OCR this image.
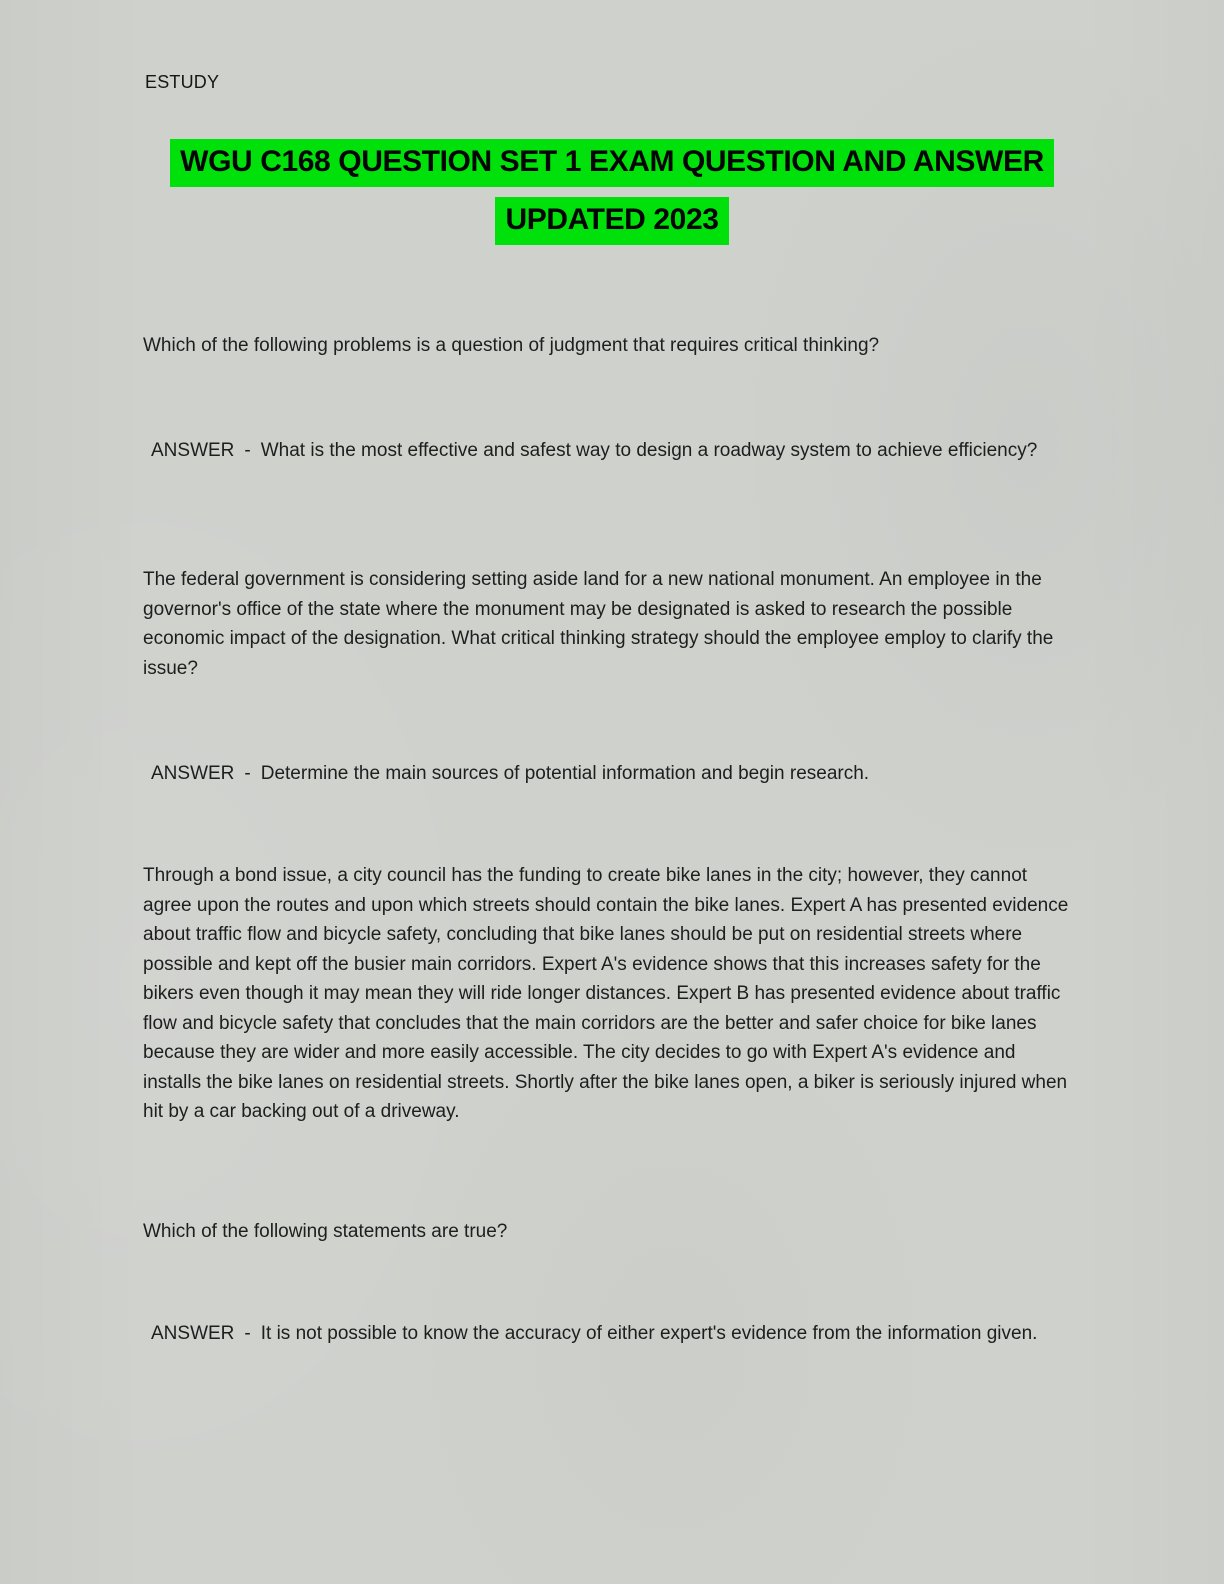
ESTUDY
WGU C168 QUESTION SET 1 EXAM QUESTION AND ANSWER
UPDATED 2023
Which of the following problems is a question of judgment that requires critical thinking?
ANSWER - What is the most effective and safest way to design a roadway system to achieve efficiency?
The federal government is considering setting aside land for a new national monument. An employee in the governor's office of the state where the monument may be designated is asked to research the possible economic impact of the designation. What critical thinking strategy should the employee employ to clarify the issue?
ANSWER - Determine the main sources of potential information and begin research.
Through a bond issue, a city council has the funding to create bike lanes in the city; however, they cannot agree upon the routes and upon which streets should contain the bike lanes. Expert A has presented evidence about traffic flow and bicycle safety, concluding that bike lanes should be put on residential streets where possible and kept off the busier main corridors. Expert A's evidence shows that this increases safety for the bikers even though it may mean they will ride longer distances. Expert B has presented evidence about traffic flow and bicycle safety that concludes that the main corridors are the better and safer choice for bike lanes because they are wider and more easily accessible. The city decides to go with Expert A's evidence and installs the bike lanes on residential streets. Shortly after the bike lanes open, a biker is seriously injured when hit by a car backing out of a driveway.
Which of the following statements are true?
ANSWER - It is not possible to know the accuracy of either expert's evidence from the information given.
